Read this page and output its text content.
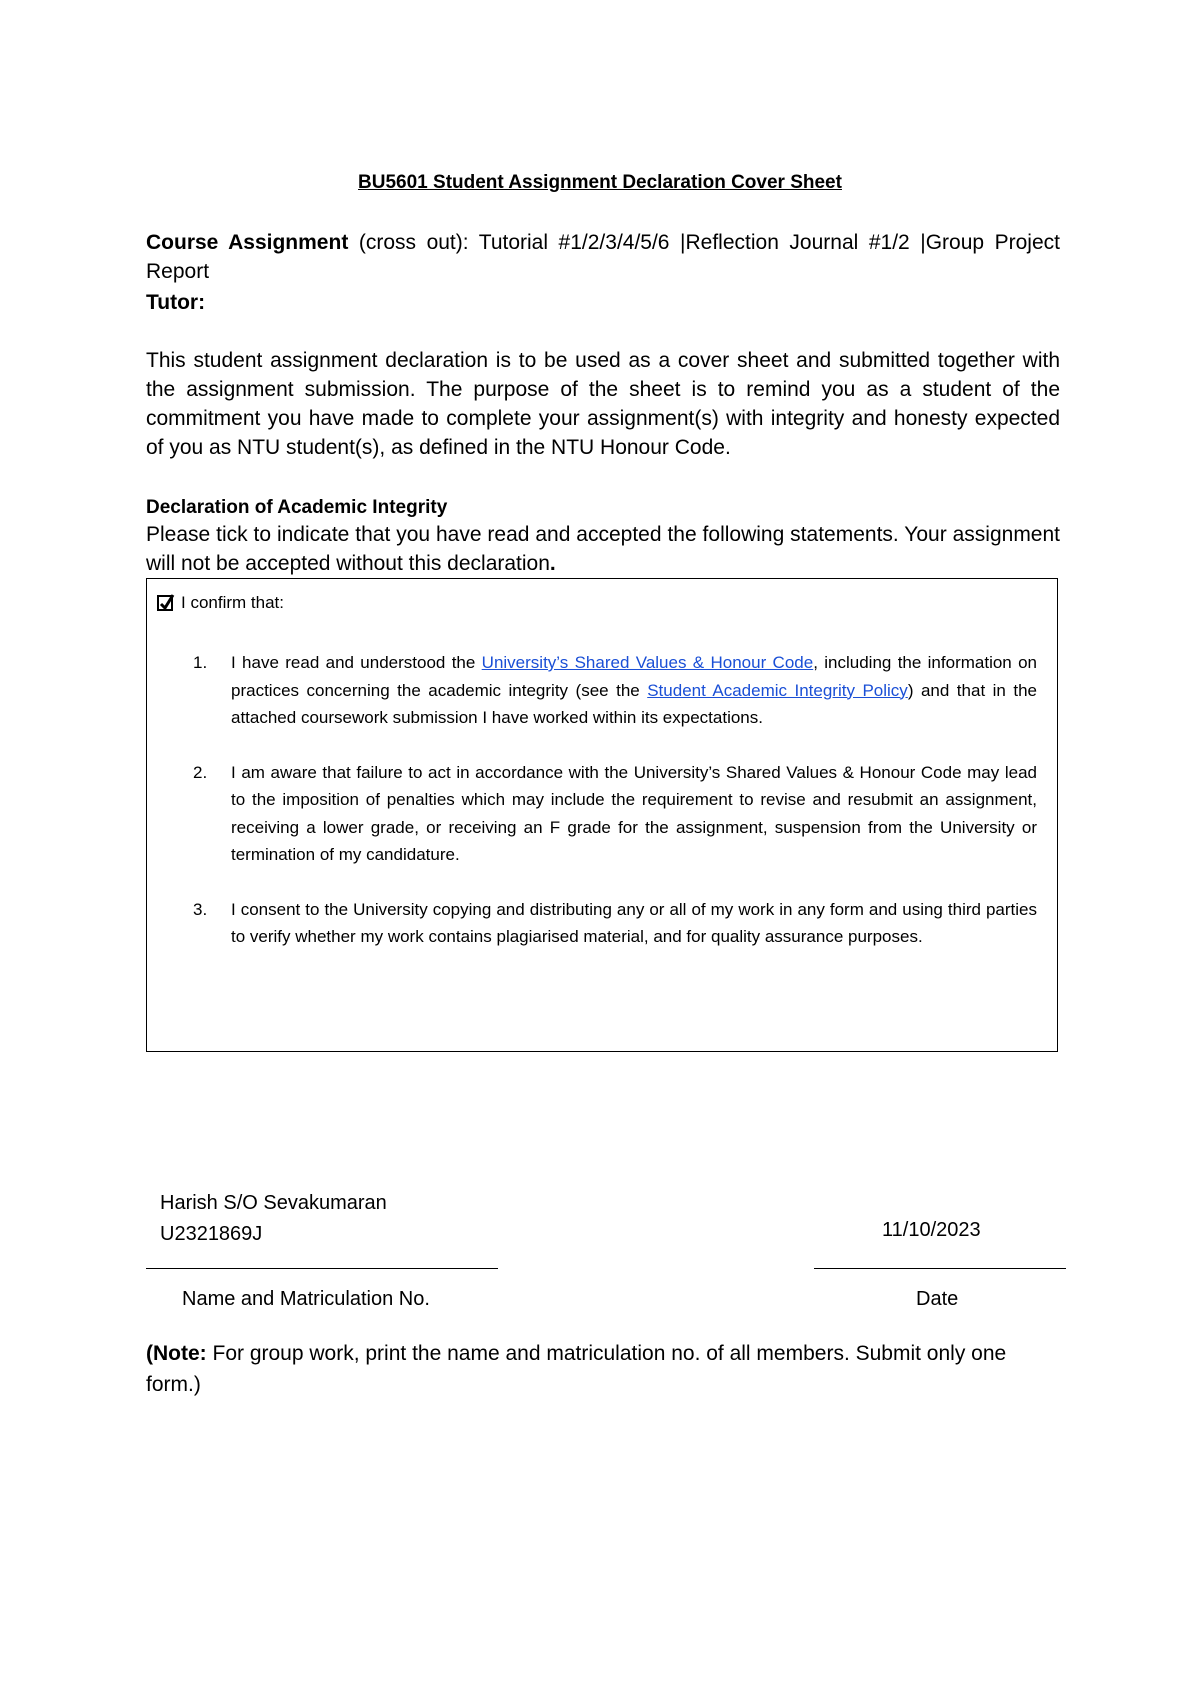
BU5601 Student Assignment Declaration Cover Sheet
Course Assignment (cross out): Tutorial #1/2/3/4/5/6 |Reflection Journal #1/2 |Group Project Report
Tutor:
This student assignment declaration is to be used as a cover sheet and submitted together with the assignment submission. The purpose of the sheet is to remind you as a student of the commitment you have made to complete your assignment(s) with integrity and honesty expected of you as NTU student(s), as defined in the NTU Honour Code.
Declaration of Academic Integrity
Please tick to indicate that you have read and accepted the following statements. Your assignment will not be accepted without this declaration.
I confirm that:
1.	I have read and understood the University’s Shared Values & Honour Code, including the information on practices concerning the academic integrity (see the Student Academic Integrity Policy) and that in the attached coursework submission I have worked within its expectations.
2.	I am aware that failure to act in accordance with the University’s Shared Values & Honour Code may lead to the imposition of penalties which may include the requirement to revise and resubmit an assignment, receiving a lower grade, or receiving an F grade for the assignment, suspension from the University or termination of my candidature.
3.	I consent to the University copying and distributing any or all of my work in any form and using third parties to verify whether my work contains plagiarised material, and for quality assurance purposes.
Harish S/O Sevakumaran
U2321869J	11/10/2023
Name and Matriculation No.	Date
(Note: For group work, print the name and matriculation no. of all members. Submit only one form.)
